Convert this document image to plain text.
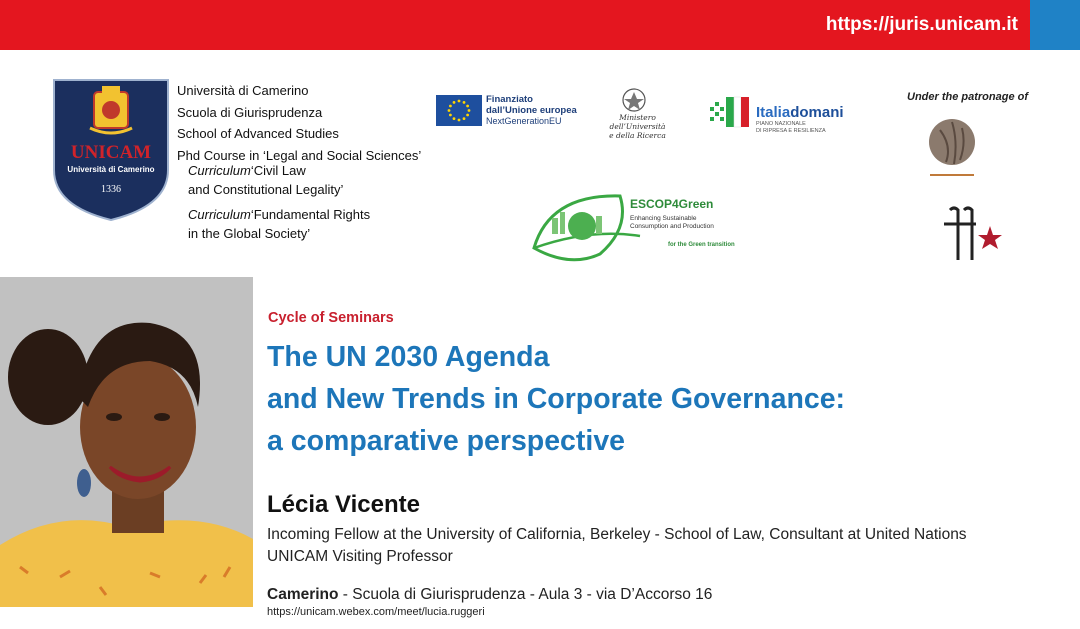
https://juris.unicam.it
UNICAM
Università di Camerino
1336
Università di Camerino
Scuola di Giurisprudenza
School of Advanced Studies
Phd Course in ‘Legal and Social Sciences’
Curriculum‘Civil Law
and Constitutional Legality’
Curriculum‘Fundamental Rights
in the Global Society’
Finanziato
dall’Unione europea
NextGenerationEU	Ministero dell’Università
e della Ricerca
Italiadomani
PIANO NAZIONALE
DI RIPRESA E RESILIENZA
Under the patronage of
ESCOP4Green
Enhancing Sustainable
Consumption and Production
for the Green transition
Cycle of Seminars
The UN 2030 Agenda
and New Trends in Corporate Governance:
a comparative perspective
Lécia Vicente
Incoming Fellow at the University of California, Berkeley - School of Law, Consultant at United Nations
UNICAM Visiting Professor
Camerino - Scuola di Giurisprudenza - Aula 3 - via D’Accorso 16
https://unicam.webex.com/meet/lucia.ruggeri
